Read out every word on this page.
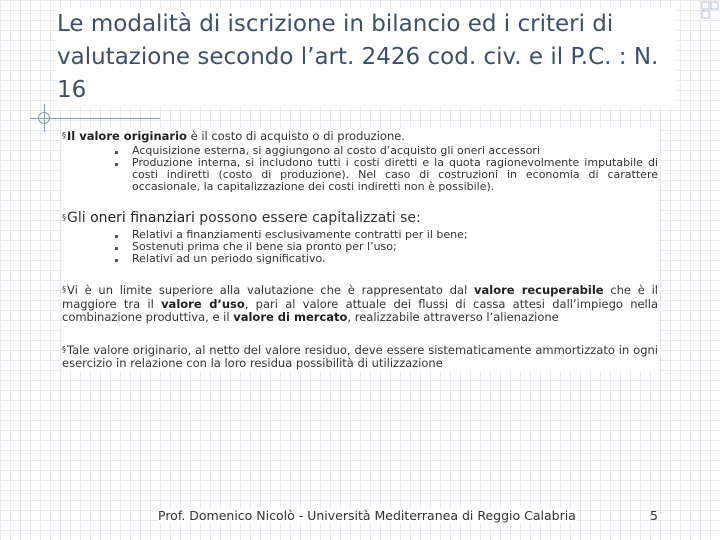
Le modalità di iscrizione in bilancio ed i criteri di valutazione secondo l’art. 2426 cod. civ. e il P.C. : N. 16

§Il valore originario è il costo di acquisto o di produzione.

Acquisizione esterna, si aggiungono al costo d’acquisto gli oneri accessori
Produzione interna, si includono tutti i costi diretti e la quota ragionevolmente imputabile di costi indiretti (costo di produzione). Nel caso di costruzioni in economia di carattere occasionale, la capitalizzazione dei costi indiretti non è possibile).

§Gli oneri finanziari possono essere capitalizzati se:

Relativi a finanziamenti esclusivamente contratti per il bene;
Sostenuti prima che il bene sia pronto per l’uso;
Relativi ad un periodo significativo.

§Vi è un limite superiore alla valutazione che è rappresentato dal valore recuperabile che è il maggiore tra il valore d’uso, pari al valore attuale dei flussi di cassa attesi dall’impiego nella combinazione produttiva, e il valore di mercato, realizzabile attraverso l’alienazione

§Tale valore originario, al netto del valore residuo, deve essere sistematicamente ammortizzato in ogni esercizio in relazione con la loro residua possibilità di utilizzazione

Prof. Domenico Nicolò - Università Mediterranea di Reggio Calabria	5
